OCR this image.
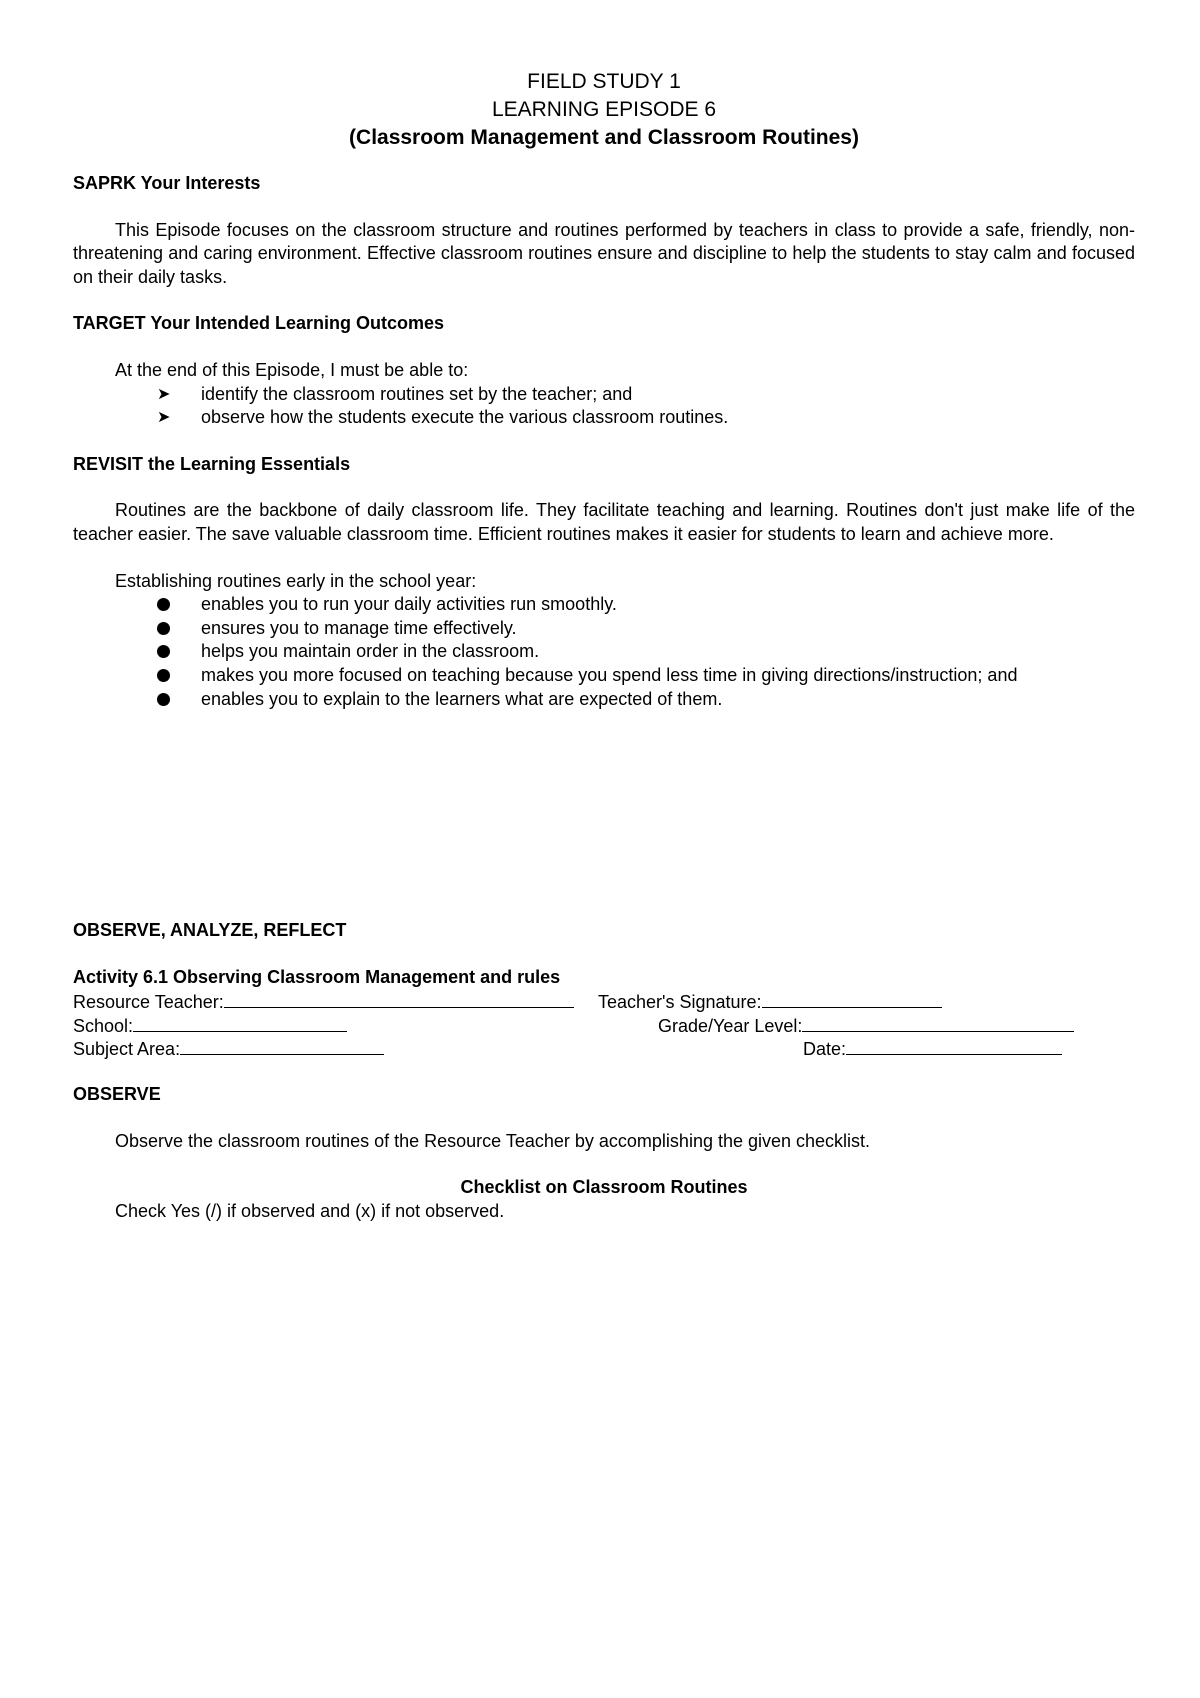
FIELD STUDY 1
LEARNING EPISODE 6
(Classroom Management and Classroom Routines)

SAPRK Your Interests

This Episode focuses on the classroom structure and routines performed by teachers in class to provide a safe, friendly, non-threatening and caring environment. Effective classroom routines ensure and discipline to help the students to stay calm and focused on their daily tasks.

TARGET Your Intended Learning Outcomes

At the end of this Episode, I must be able to:

➤ identify the classroom routines set by the teacher; and
➤ observe how the students execute the various classroom routines.

REVISIT the Learning Essentials

Routines are the backbone of daily classroom life. They facilitate teaching and learning. Routines don't just make life of the teacher easier. The save valuable classroom time. Efficient routines makes it easier for students to learn and achieve more.

Establishing routines early in the school year:

enables you to run your daily activities run smoothly.
ensures you to manage time effectively.
helps you maintain order in the classroom.
makes you more focused on teaching because you spend less time in giving directions/instruction; and
enables you to explain to the learners what are expected of them.

OBSERVE, ANALYZE, REFLECT

Activity 6.1 Observing Classroom Management and rules

Resource Teacher:	Teacher's Signature:
School:	Grade/Year Level:
Subject Area:	Date:

OBSERVE

Observe the classroom routines of the Resource Teacher by accomplishing the given checklist.

Checklist on Classroom Routines

Check Yes (/) if observed and (x) if not observed.
